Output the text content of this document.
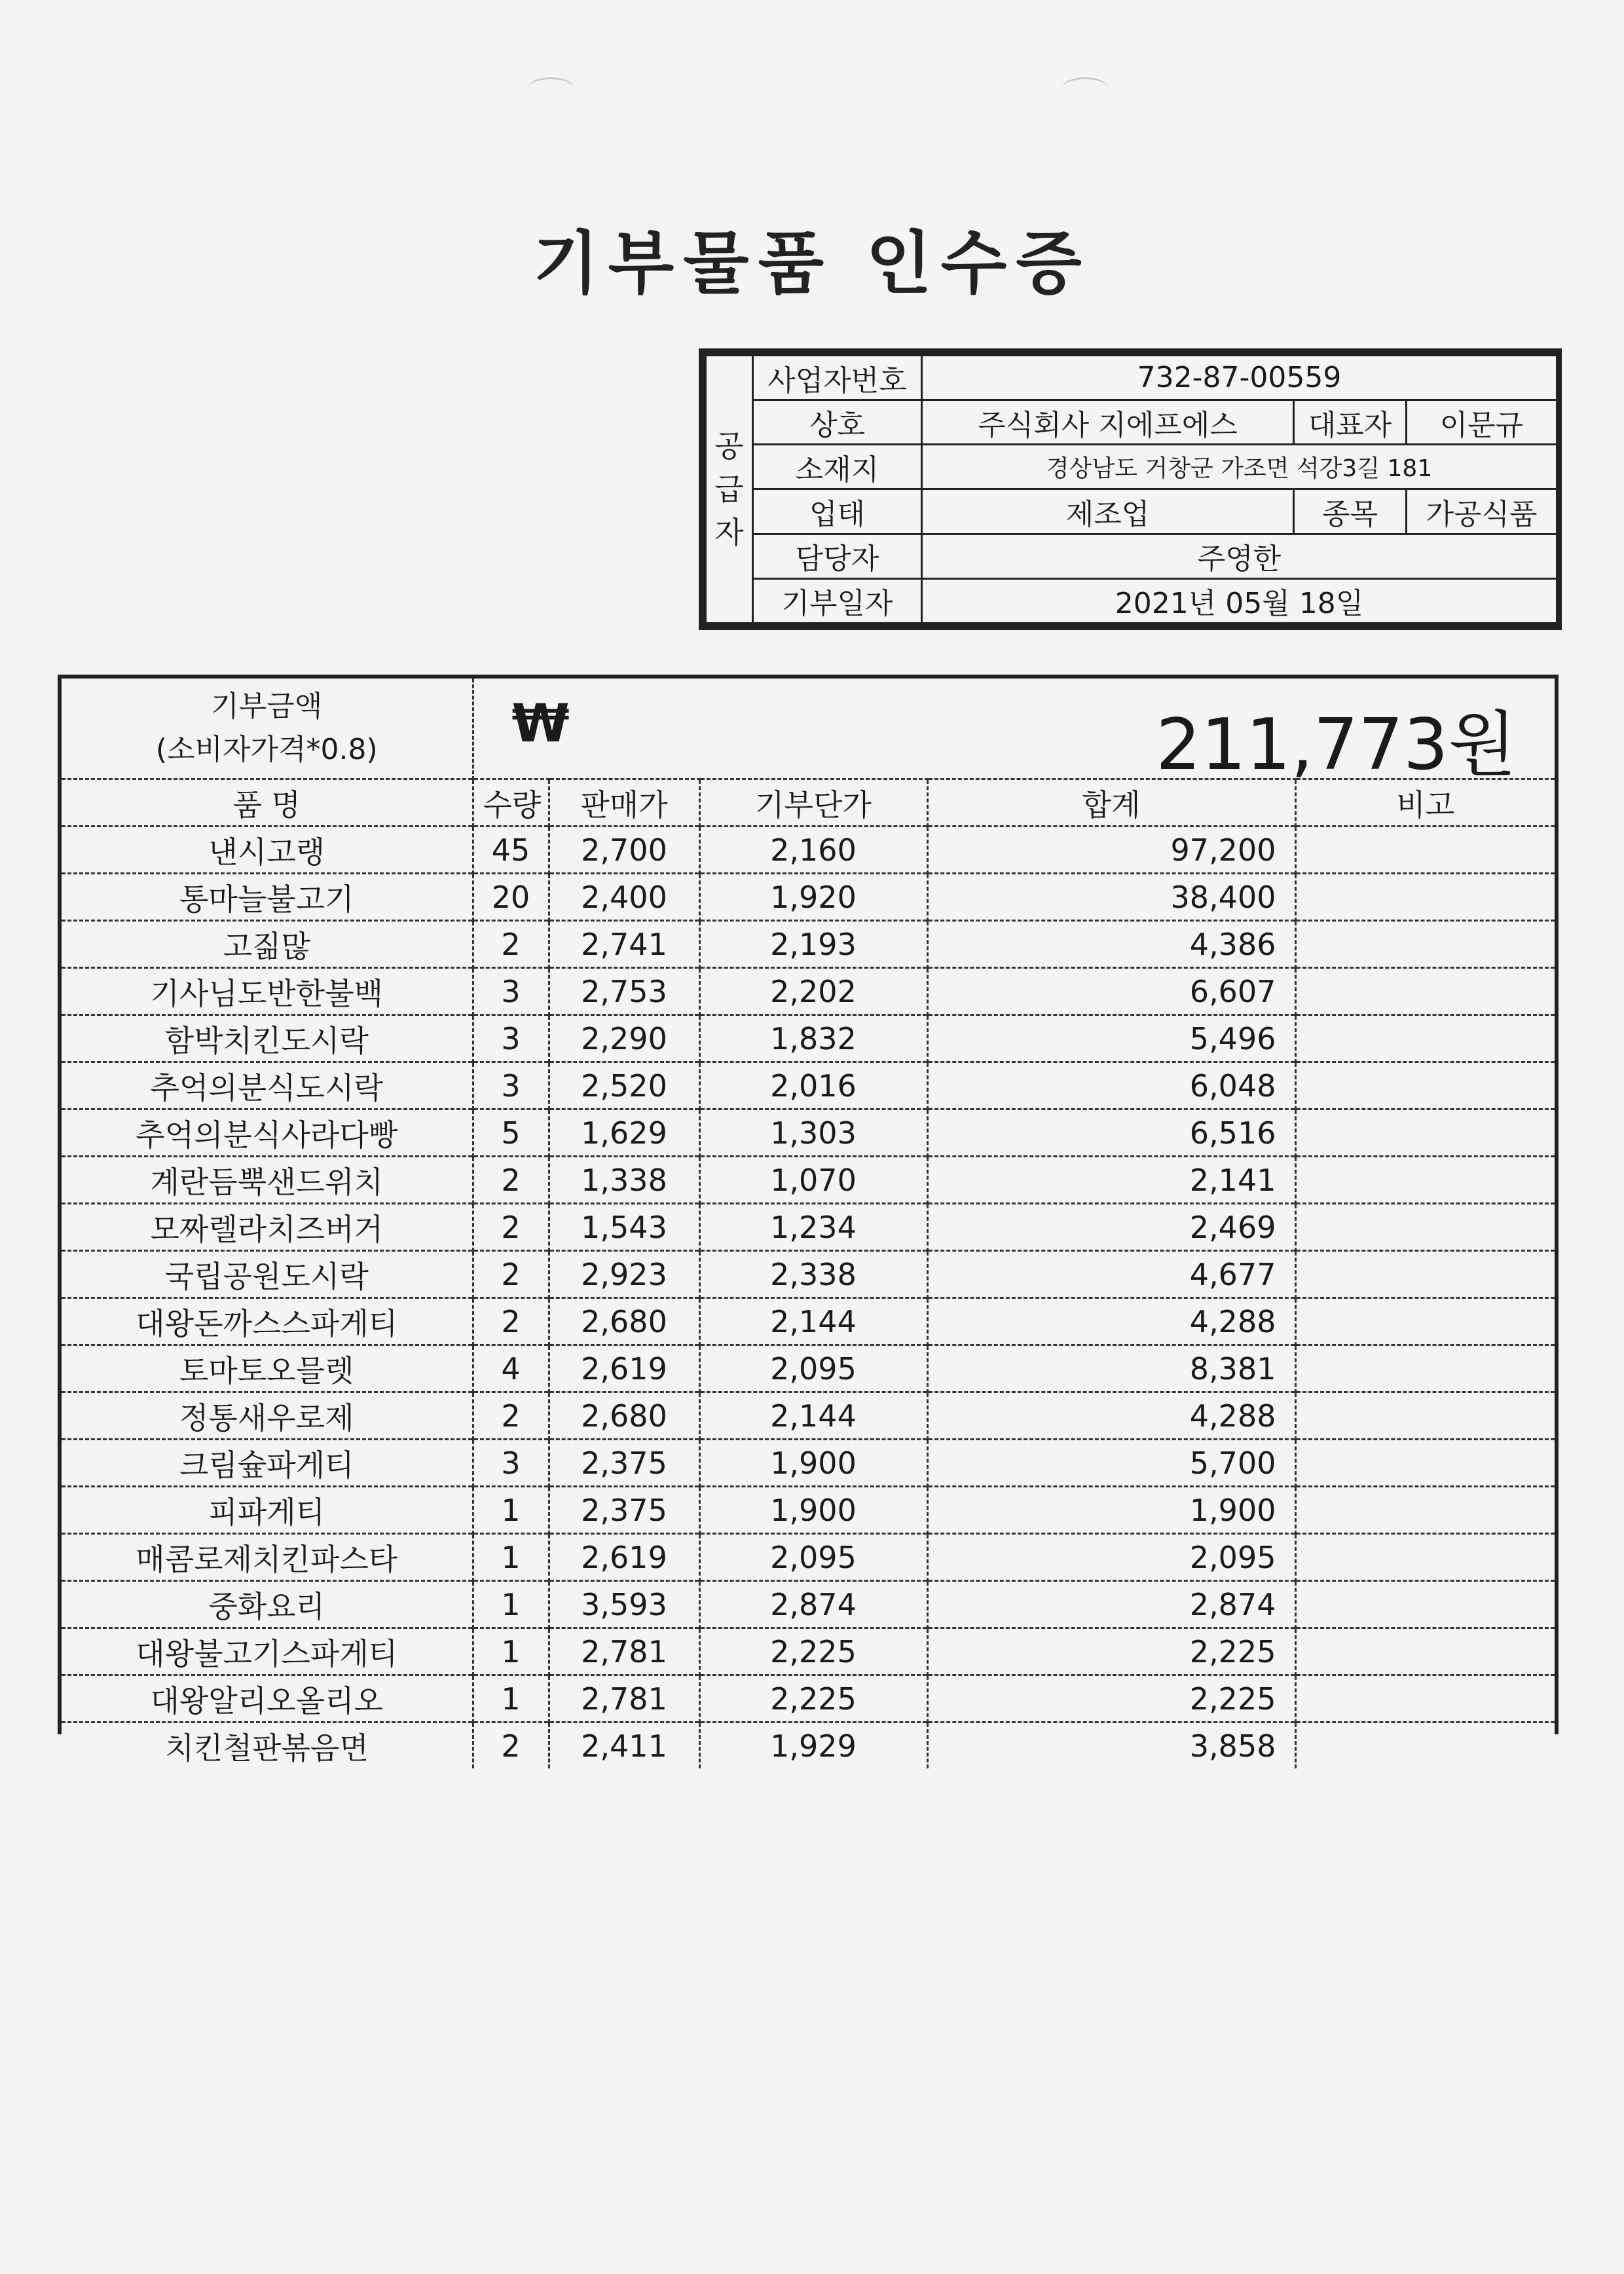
기부물품 인수증
공
급
자	사업자번호	732-87-00559		
	상호	주식회사 지에프에스	대표자	이문규
	소재지	경상남도 거창군 가조면 석강3길 181		
	업태	제조업	종목	가공식품
	담당자	주영한		
	기부일자	2021년 05월 18일		
기부금액
(소비자가격*0.8)	₩ 211,773원				

품 명	수량	판매가	기부단가	합계	비고
냰시고랭	45	2,700	2,160	97,200	
통마늘불고기	20	2,400	1,920	38,400	
고짊많	2	2,741	2,193	4,386	
기사님도반한불백	3	2,753	2,202	6,607	
함박치킨도시락	3	2,290	1,832	5,496	
추억의분식도시락	3	2,520	2,016	6,048	
추억의분식사라다빵	5	1,629	1,303	6,516	
계란듬뿍샌드위치	2	1,338	1,070	2,141	
모짜렐라치즈버거	2	1,543	1,234	2,469	
국립공원도시락	2	2,923	2,338	4,677	
대왕돈까스스파게티	2	2,680	2,144	4,288	
토마토오믈렛	4	2,619	2,095	8,381	
정통새우로제	2	2,680	2,144	4,288	
크림슢파게티	3	2,375	1,900	5,700	
피파게티	1	2,375	1,900	1,900	
매콤로제치킨파스타	1	2,619	2,095	2,095	
중화요리	1	3,593	2,874	2,874	
대왕불고기스파게티	1	2,781	2,225	2,225	
대왕알리오올리오	1	2,781	2,225	2,225	
치킨철판볶음면	2	2,411	1,929	3,858	
